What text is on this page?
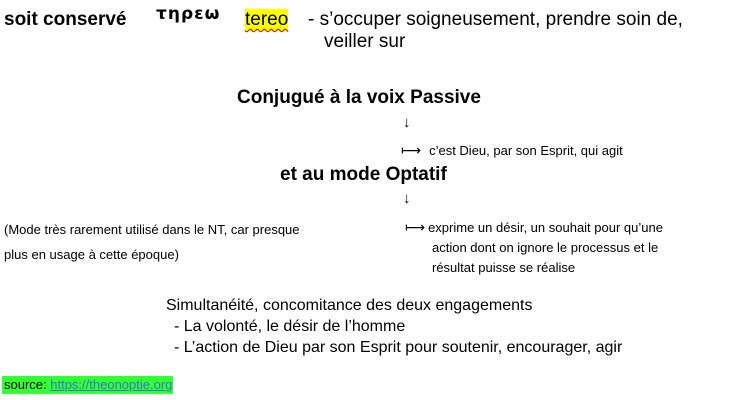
soit conservé τηρεω tereo - s’occuper soigneusement, prendre soin de,
veiller sur
Conjugué à la voix Passive
↓
⟼ c’est Dieu, par son Esprit, qui agit
et au mode Optatif
↓
(Mode très rarement utilisé dans le NT, car presque
plus en usage à cette époque)
⟼ exprime un désir, un souhait pour qu’une
action dont on ignore le processus et le
résultat puisse se réalise
Simultanéité, concomitance des deux engagements
- La volonté, le désir de l’homme
- L’action de Dieu par son Esprit pour soutenir, encourager, agir
source: https://theonoptie.org
